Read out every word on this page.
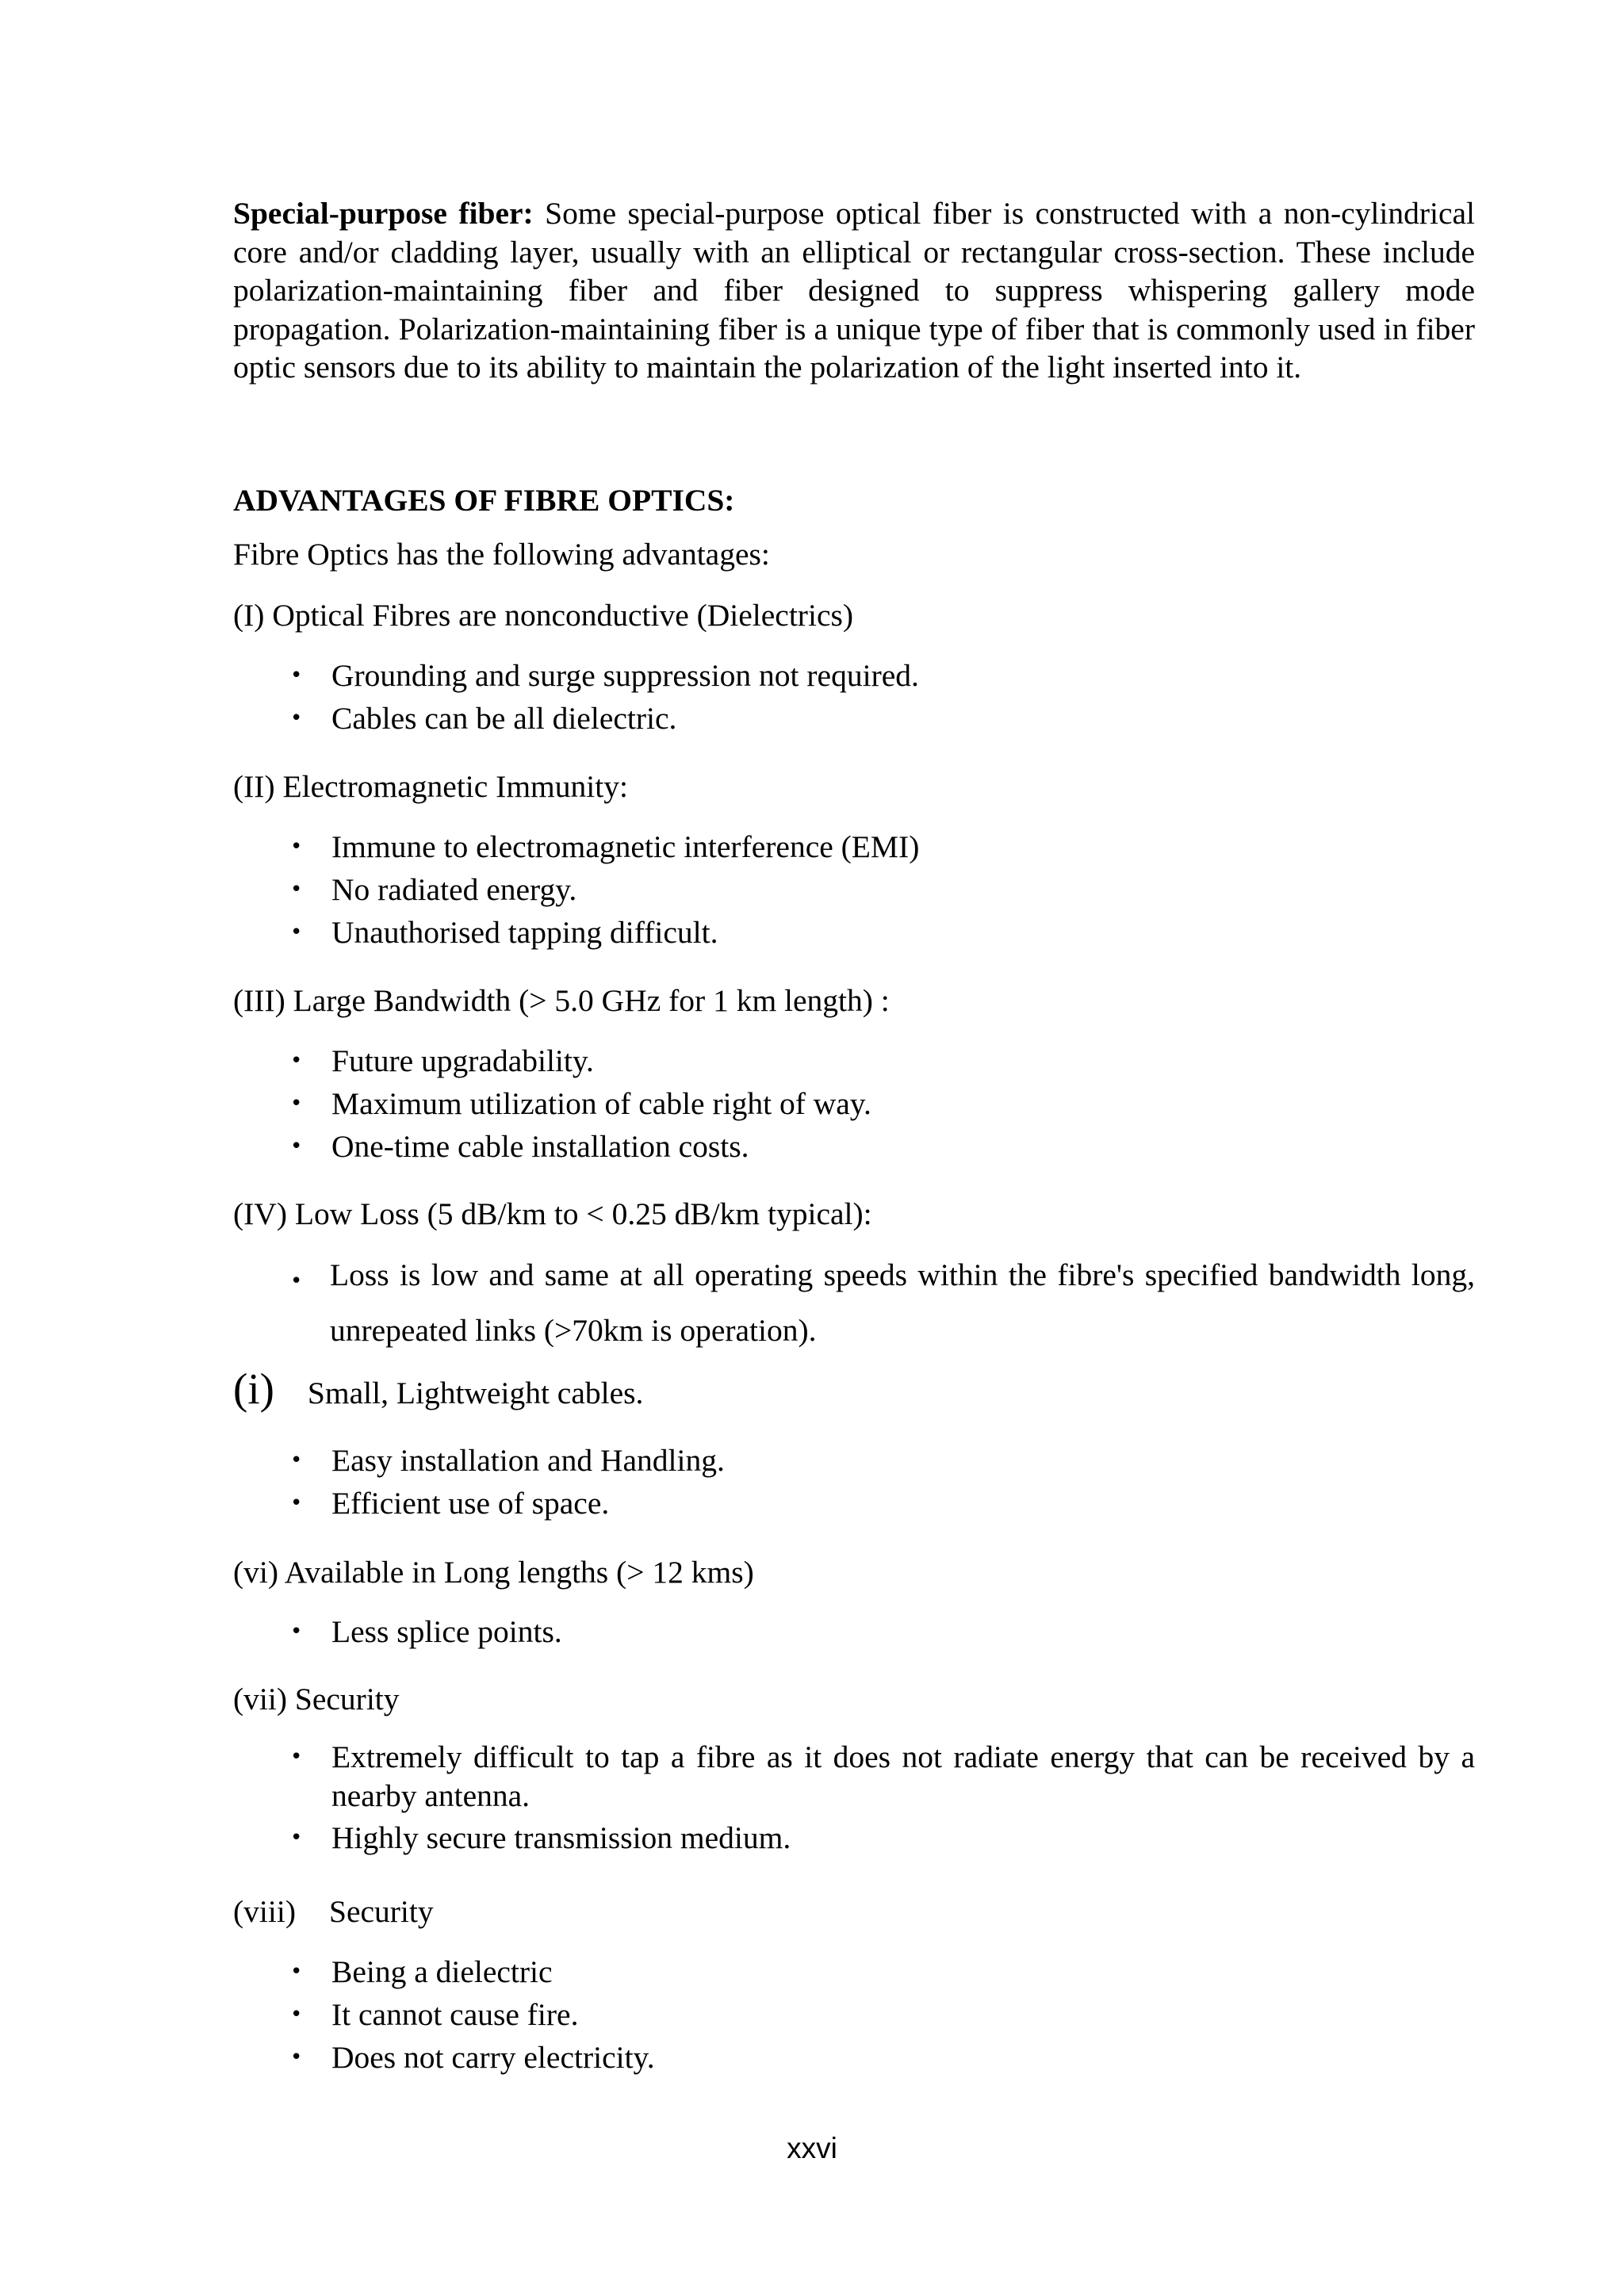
Special-purpose fiber: Some special-purpose optical fiber is constructed with a non-cylindrical core and/or cladding layer, usually with an elliptical or rectangular cross-section. These include polarization-maintaining fiber and fiber designed to suppress whispering gallery mode propagation. Polarization-maintaining fiber is a unique type of fiber that is commonly used in fiber optic sensors due to its ability to maintain the polarization of the light inserted into it.

ADVANTAGES OF FIBRE OPTICS:

Fibre Optics has the following advantages:

(I) Optical Fibres are nonconductive (Dielectrics)

• Grounding and surge suppression not required.
• Cables can be all dielectric.

(II) Electromagnetic Immunity:

• Immune to electromagnetic interference (EMI)
• No radiated energy.
• Unauthorised tapping difficult.

(III) Large Bandwidth (> 5.0 GHz for 1 km length) :

• Future upgradability.
• Maximum utilization of cable right of way.
• One-time cable installation costs.

(IV) Low Loss (5 dB/km to < 0.25 dB/km typical):

• Loss is low and same at all operating speeds within the fibre's specified bandwidth long, unrepeated links (>70km is operation).

(i) Small, Lightweight cables.

• Easy installation and Handling.
• Efficient use of space.

(vi) Available in Long lengths (> 12 kms)

• Less splice points.

(vii) Security

• Extremely difficult to tap a fibre as it does not radiate energy that can be received by a nearby antenna.
• Highly secure transmission medium.

(viii) Security

• Being a dielectric
• It cannot cause fire.
• Does not carry electricity.
xxvi
